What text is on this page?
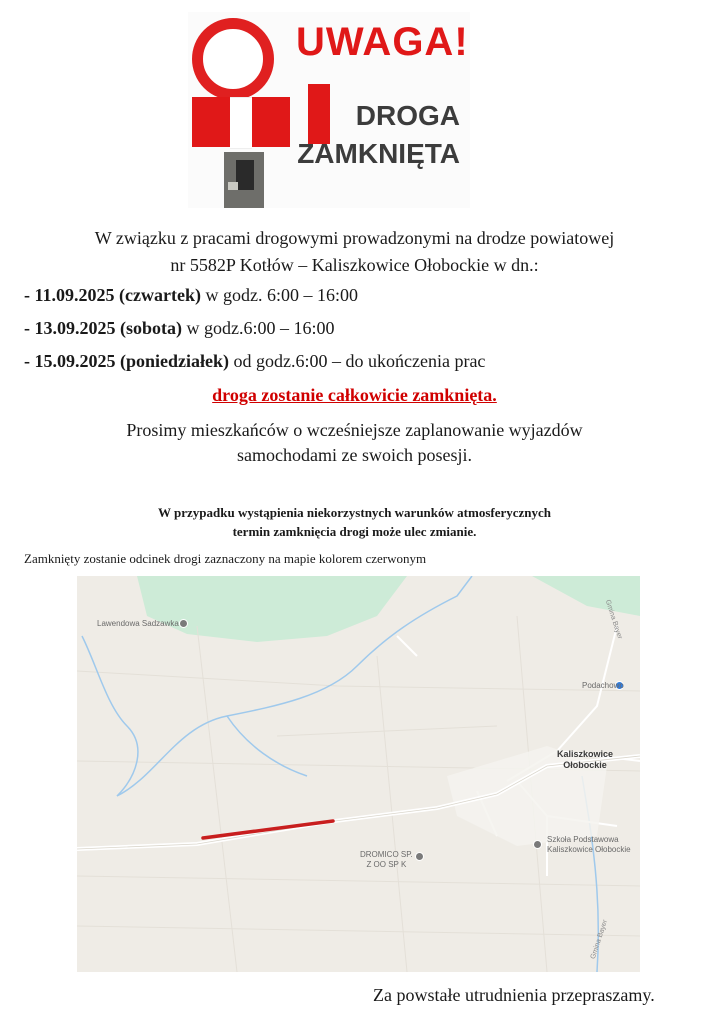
UWAGA!
DROGA
ZAMKNIĘTA
W związku z pracami drogowymi prowadzonymi na drodze powiatowej
nr 5582P Kotłów – Kaliszkowice Ołobockie w dn.:
- 11.09.2025 (czwartek) w godz. 6:00 – 16:00
- 13.09.2025 (sobota) w godz.6:00 – 16:00
- 15.09.2025 (poniedziałek) od godz.6:00 – do ukończenia prac
droga zostanie całkowicie zamknięta.
Prosimy mieszkańców o wcześniejsze zaplanowanie wyjazdów
samochodami ze swoich posesji.
W przypadku wystąpienia niekorzystnych warunków atmosferycznych
termin zamknięcia drogi może ulec zmianie.
Zamknięty zostanie odcinek drogi zaznaczony na mapie kolorem czerwonym
Lawendowa Sadzawka
Podachowo
Kaliszkowice
Ołobockie
Szkoła Podstawowa
Kaliszkowice Ołobockie
DROMICO SP.
Z OO SP K
Gmina Bayer
Gmina Bayer
Za powstałe utrudnienia przepraszamy.
